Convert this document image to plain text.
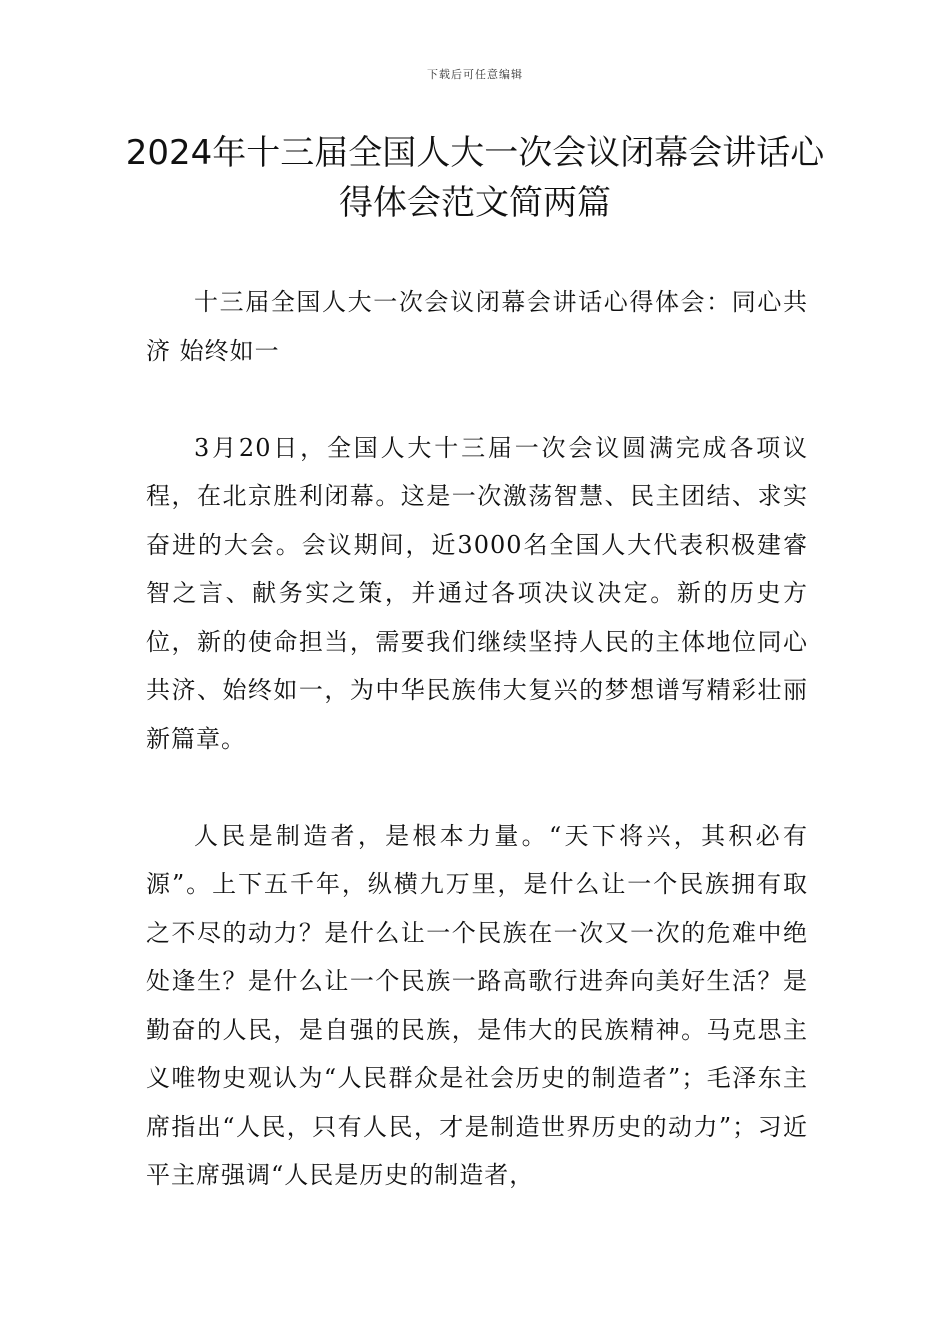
下载后可任意编辑
2024年十三届全国人大一次会议闭幕会讲话心得体会范文简两篇

十三届全国人大一次会议闭幕会讲话心得体会：同心共济 始终如一

3月20日，全国人大十三届一次会议圆满完成各项议程，在北京胜利闭幕。这是一次激荡智慧、民主团结、求实奋进的大会。会议期间，近3000名全国人大代表积极建睿智之言、献务实之策，并通过各项决议决定。新的历史方位，新的使命担当，需要我们继续坚持人民的主体地位同心共济、始终如一，为中华民族伟大复兴的梦想谱写精彩壮丽新篇章。

人民是制造者，是根本力量。“天下将兴，其积必有源”。上下五千年，纵横九万里，是什么让一个民族拥有取之不尽的动力？是什么让一个民族在一次又一次的危难中绝处逢生？是什么让一个民族一路高歌行进奔向美好生活？是勤奋的人民，是自强的民族，是伟大的民族精神。马克思主义唯物史观认为“人民群众是社会历史的制造者”；毛泽东主席指出“人民，只有人民，才是制造世界历史的动力”；习近平主席强调“人民是历史的制造者，
